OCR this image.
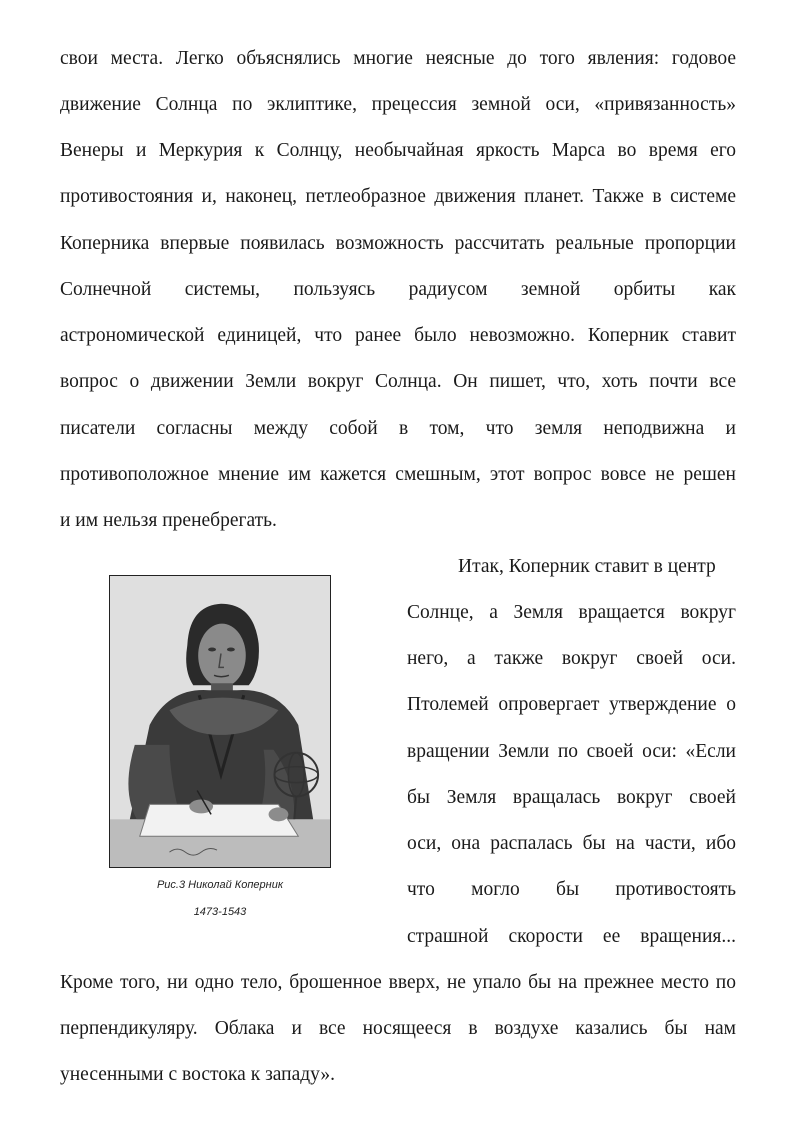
свои места. Легко объяснялись многие неясные до того явления: годовое
движение Солнца по эклиптике, прецессия земной оси, «привязанность»
Венеры и Меркурия к Солнцу, необычайная яркость Марса во время его
противостояния и, наконец, петлеобразное движения планет. Также в системе
Коперника впервые появилась возможность рассчитать реальные пропорции
Солнечной системы, пользуясь радиусом земной орбиты как
астрономической единицей, что ранее было невозможно. Коперник ставит
вопрос о движении Земли вокруг Солнца. Он пишет, что, хоть почти все
писатели согласны между собой в том, что земля неподвижна и
противоположное мнение им кажется смешным, этот вопрос вовсе не решен
и им нельзя пренебрегать.
Рис.3 Николай Коперник
1473-1543
Итак, Коперник ставит в центр
Солнце, а Земля вращается вокруг
него, а также вокруг своей оси.
Птолемей опровергает утверждение о
вращении Земли по своей оси: «Если
бы Земля вращалась вокруг своей
оси, она распалась бы на части, ибо
что могло бы противостоять
страшной скорости ее вращения...
Кроме того, ни одно тело, брошенное вверх, не упало бы на прежнее место по
перпендикуляру. Облака и все носящееся в воздухе казались бы нам
унесенными с востока к западу».
